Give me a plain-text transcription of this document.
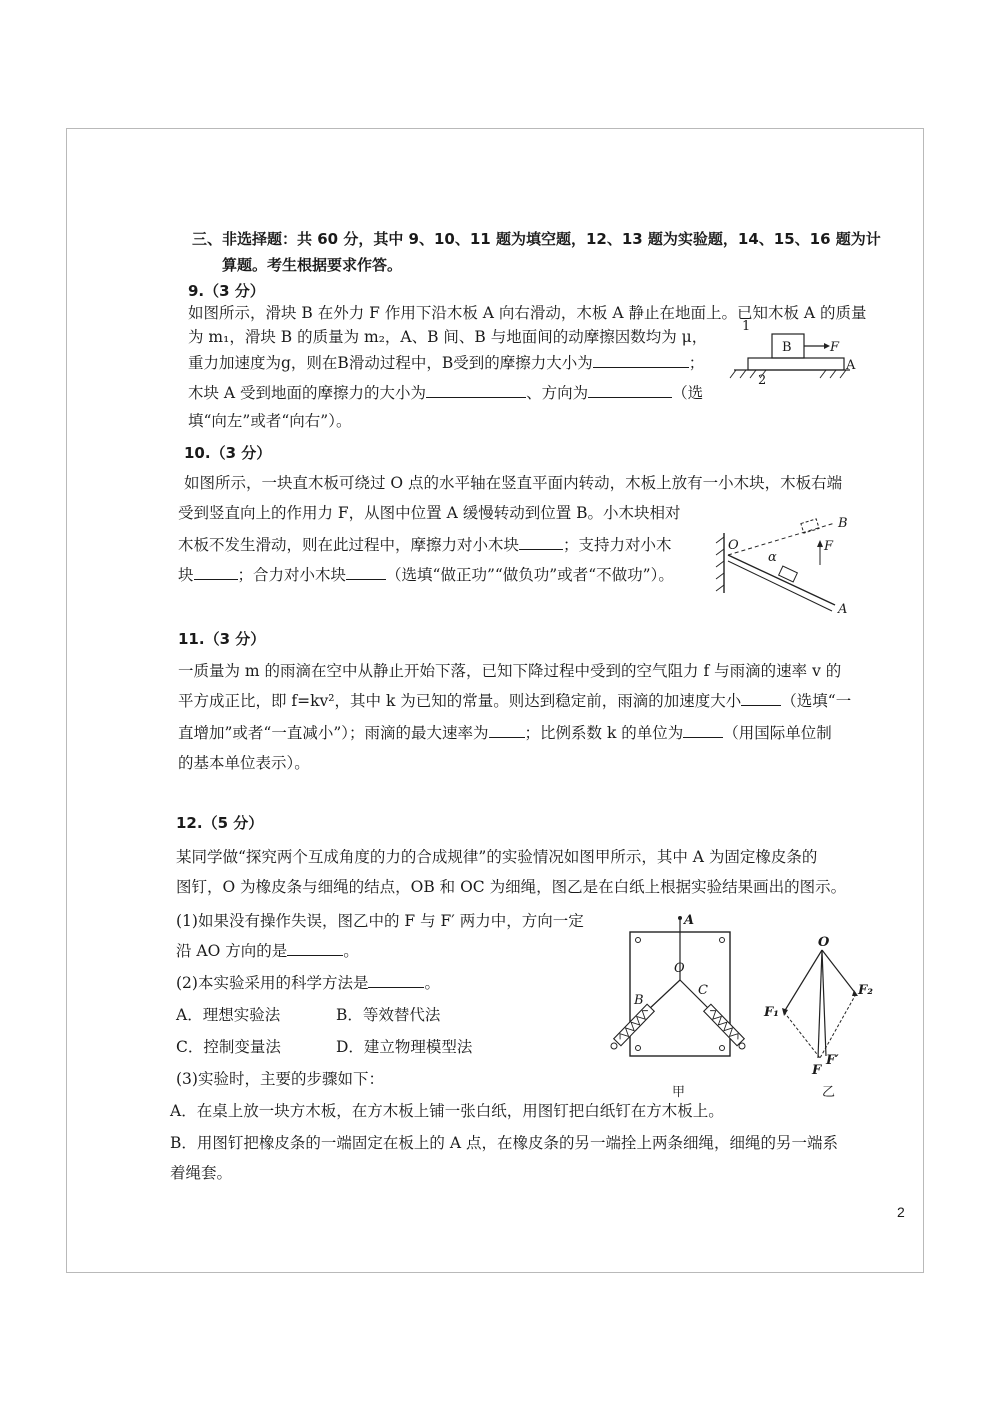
三、非选择题：共 60 分，其中 9、10、11 题为填空题，12、13 题为实验题，14、15、16 题为计
算题。考生根据要求作答。
9.（3 分）
如图所示，滑块 B 在外力 F 作用下沿木板 A 向右滑动，木板 A 静止在地面上。已知木板 A 的质量
为 m₁，滑块 B 的质量为 m₂，A、B 间、B 与地面间的动摩擦因数均为 μ，
重力加速度为g，则在B滑动过程中，B受到的摩擦力大小为	；
木块 A 受到地面的摩擦力的大小为	、方向为	（选
填“向左”或者“向右”）。
B	F
A
1
2
10.（3 分）
如图所示，一块直木板可绕过 O 点的水平轴在竖直平面内转动，木板上放有一小木块，木板右端
受到竖直向上的作用力 F，从图中位置 A 缓慢转动到位置 B。小木块相对
木板不发生滑动，则在此过程中，摩擦力对小木块	；支持力对小木
块	；合力对小木块	（选填“做正功”“做负功”或者“不做功”）。
O
B
A
α
F
11.（3 分）
一质量为 m 的雨滴在空中从静止开始下落，已知下降过程中受到的空气阻力 f 与雨滴的速率 v 的
平方成正比，即 f=kv²，其中 k 为已知的常量。则达到稳定前，雨滴的加速度大小	（选填“一
直增加”或者“一直减小”）；雨滴的最大速率为 ；比例系数 k 的单位为	（用国际单位制
的基本单位表示）。
12.（5 分）
某同学做“探究两个互成角度的力的合成规律”的实验情况如图甲所示，其中 A 为固定橡皮条的
图钉，O 为橡皮条与细绳的结点，OB 和 OC 为细绳，图乙是在白纸上根据实验结果画出的图示。
(1)如果没有操作失误，图乙中的 F 与 F′ 两力中，方向一定
沿 AO 方向的是	。
(2)本实验采用的科学方法是	。
A．理想实验法	B．等效替代法
C．控制变量法	D．建立物理模型法
(3)实验时，主要的步骤如下：
A．在桌上放一块方木板，在方木板上铺一张白纸，用图钉把白纸钉在方木板上。
B．用图钉把橡皮条的一端固定在板上的 A 点，在橡皮条的另一端拴上两条细绳，细绳的另一端系
着绳套。
A
O
B
C
甲
O
F₁
F₂
F
F′
乙
2
